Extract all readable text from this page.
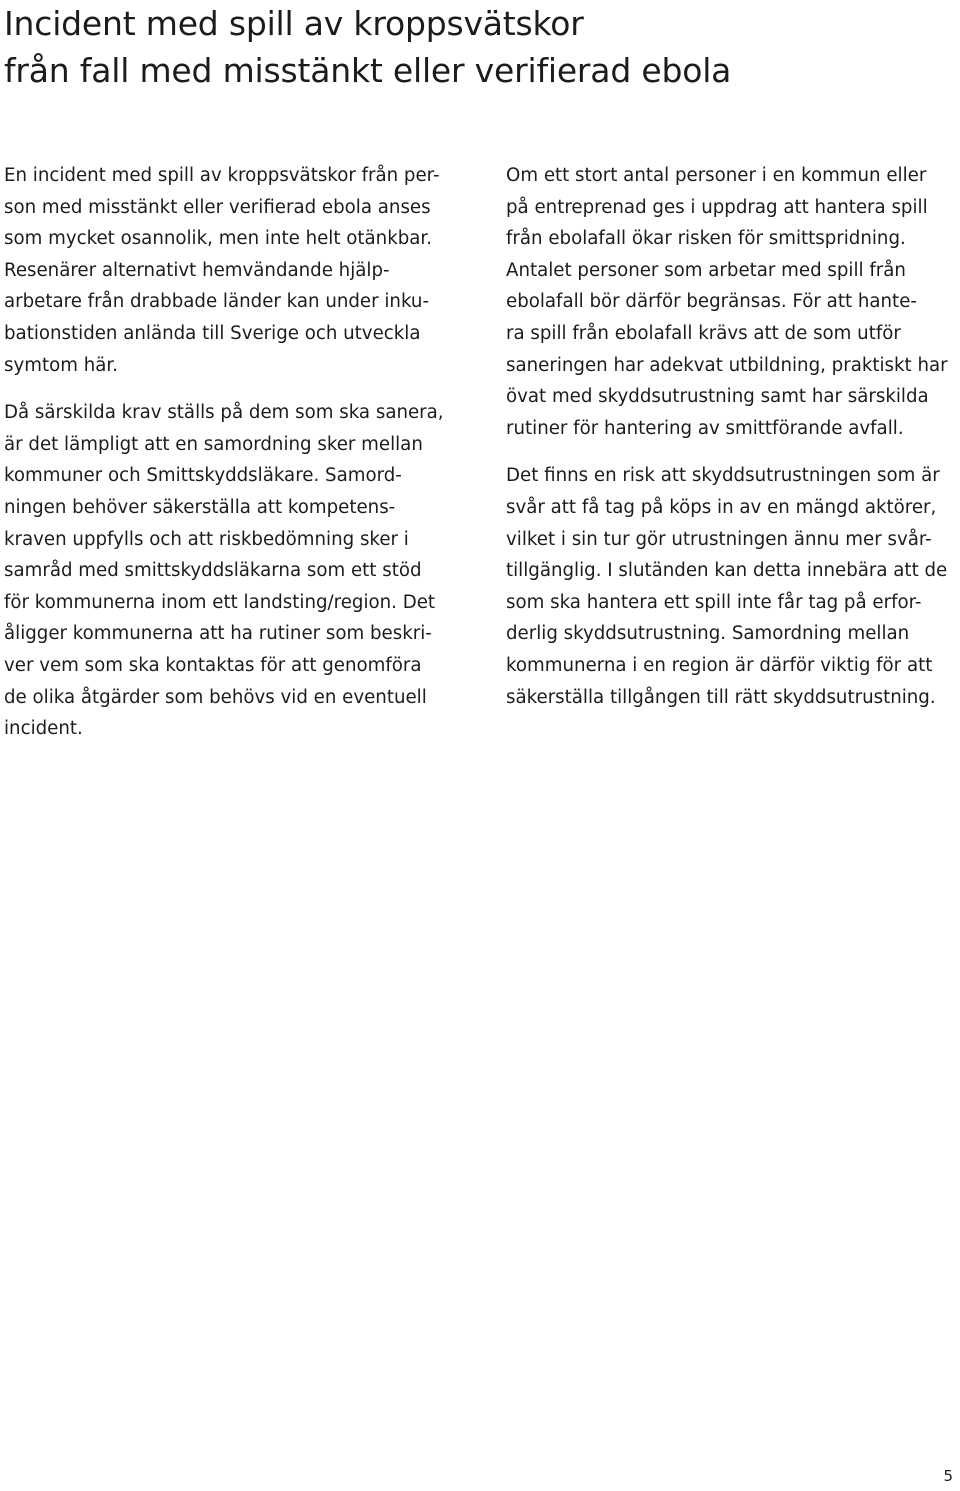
Incident med spill av kroppsvätskor
från fall med misstänkt eller verifierad ebola

En incident med spill av kroppsvätskor från per-
son med misstänkt eller verifierad ebola anses
som mycket osannolik, men inte helt otänkbar.
Resenärer alternativt hemvändande hjälp-
arbetare från drabbade länder kan under inku-
bationstiden anlända till Sverige och utveckla
symtom här.

Då särskilda krav ställs på dem som ska sanera,
är det lämpligt att en samordning sker mellan
kommuner och Smittskyddsläkare. Samord-
ningen behöver säkerställa att kompetens-
kraven uppfylls och att riskbedömning sker i
samråd med smittskyddsläkarna som ett stöd
för kommunerna inom ett landsting/region. Det
åligger kommunerna att ha rutiner som beskri-
ver vem som ska kontaktas för att genomföra
de olika åtgärder som behövs vid en eventuell
incident.

Om ett stort antal personer i en kommun eller
på entreprenad ges i uppdrag att hantera spill
från ebolafall ökar risken för smittspridning.
Antalet personer som arbetar med spill från
ebolafall bör därför begränsas. För att hante-
ra spill från ebolafall krävs att de som utför
saneringen har adekvat utbildning, praktiskt har
övat med skyddsutrustning samt har särskilda
rutiner för hantering av smittförande avfall.

Det finns en risk att skyddsutrustningen som är
svår att få tag på köps in av en mängd aktörer,
vilket i sin tur gör utrustningen ännu mer svår-
tillgänglig. I slutänden kan detta innebära att de
som ska hantera ett spill inte får tag på erfor-
derlig skyddsutrustning. Samordning mellan
kommunerna i en region är därför viktig för att
säkerställa tillgången till rätt skyddsutrustning.

5
